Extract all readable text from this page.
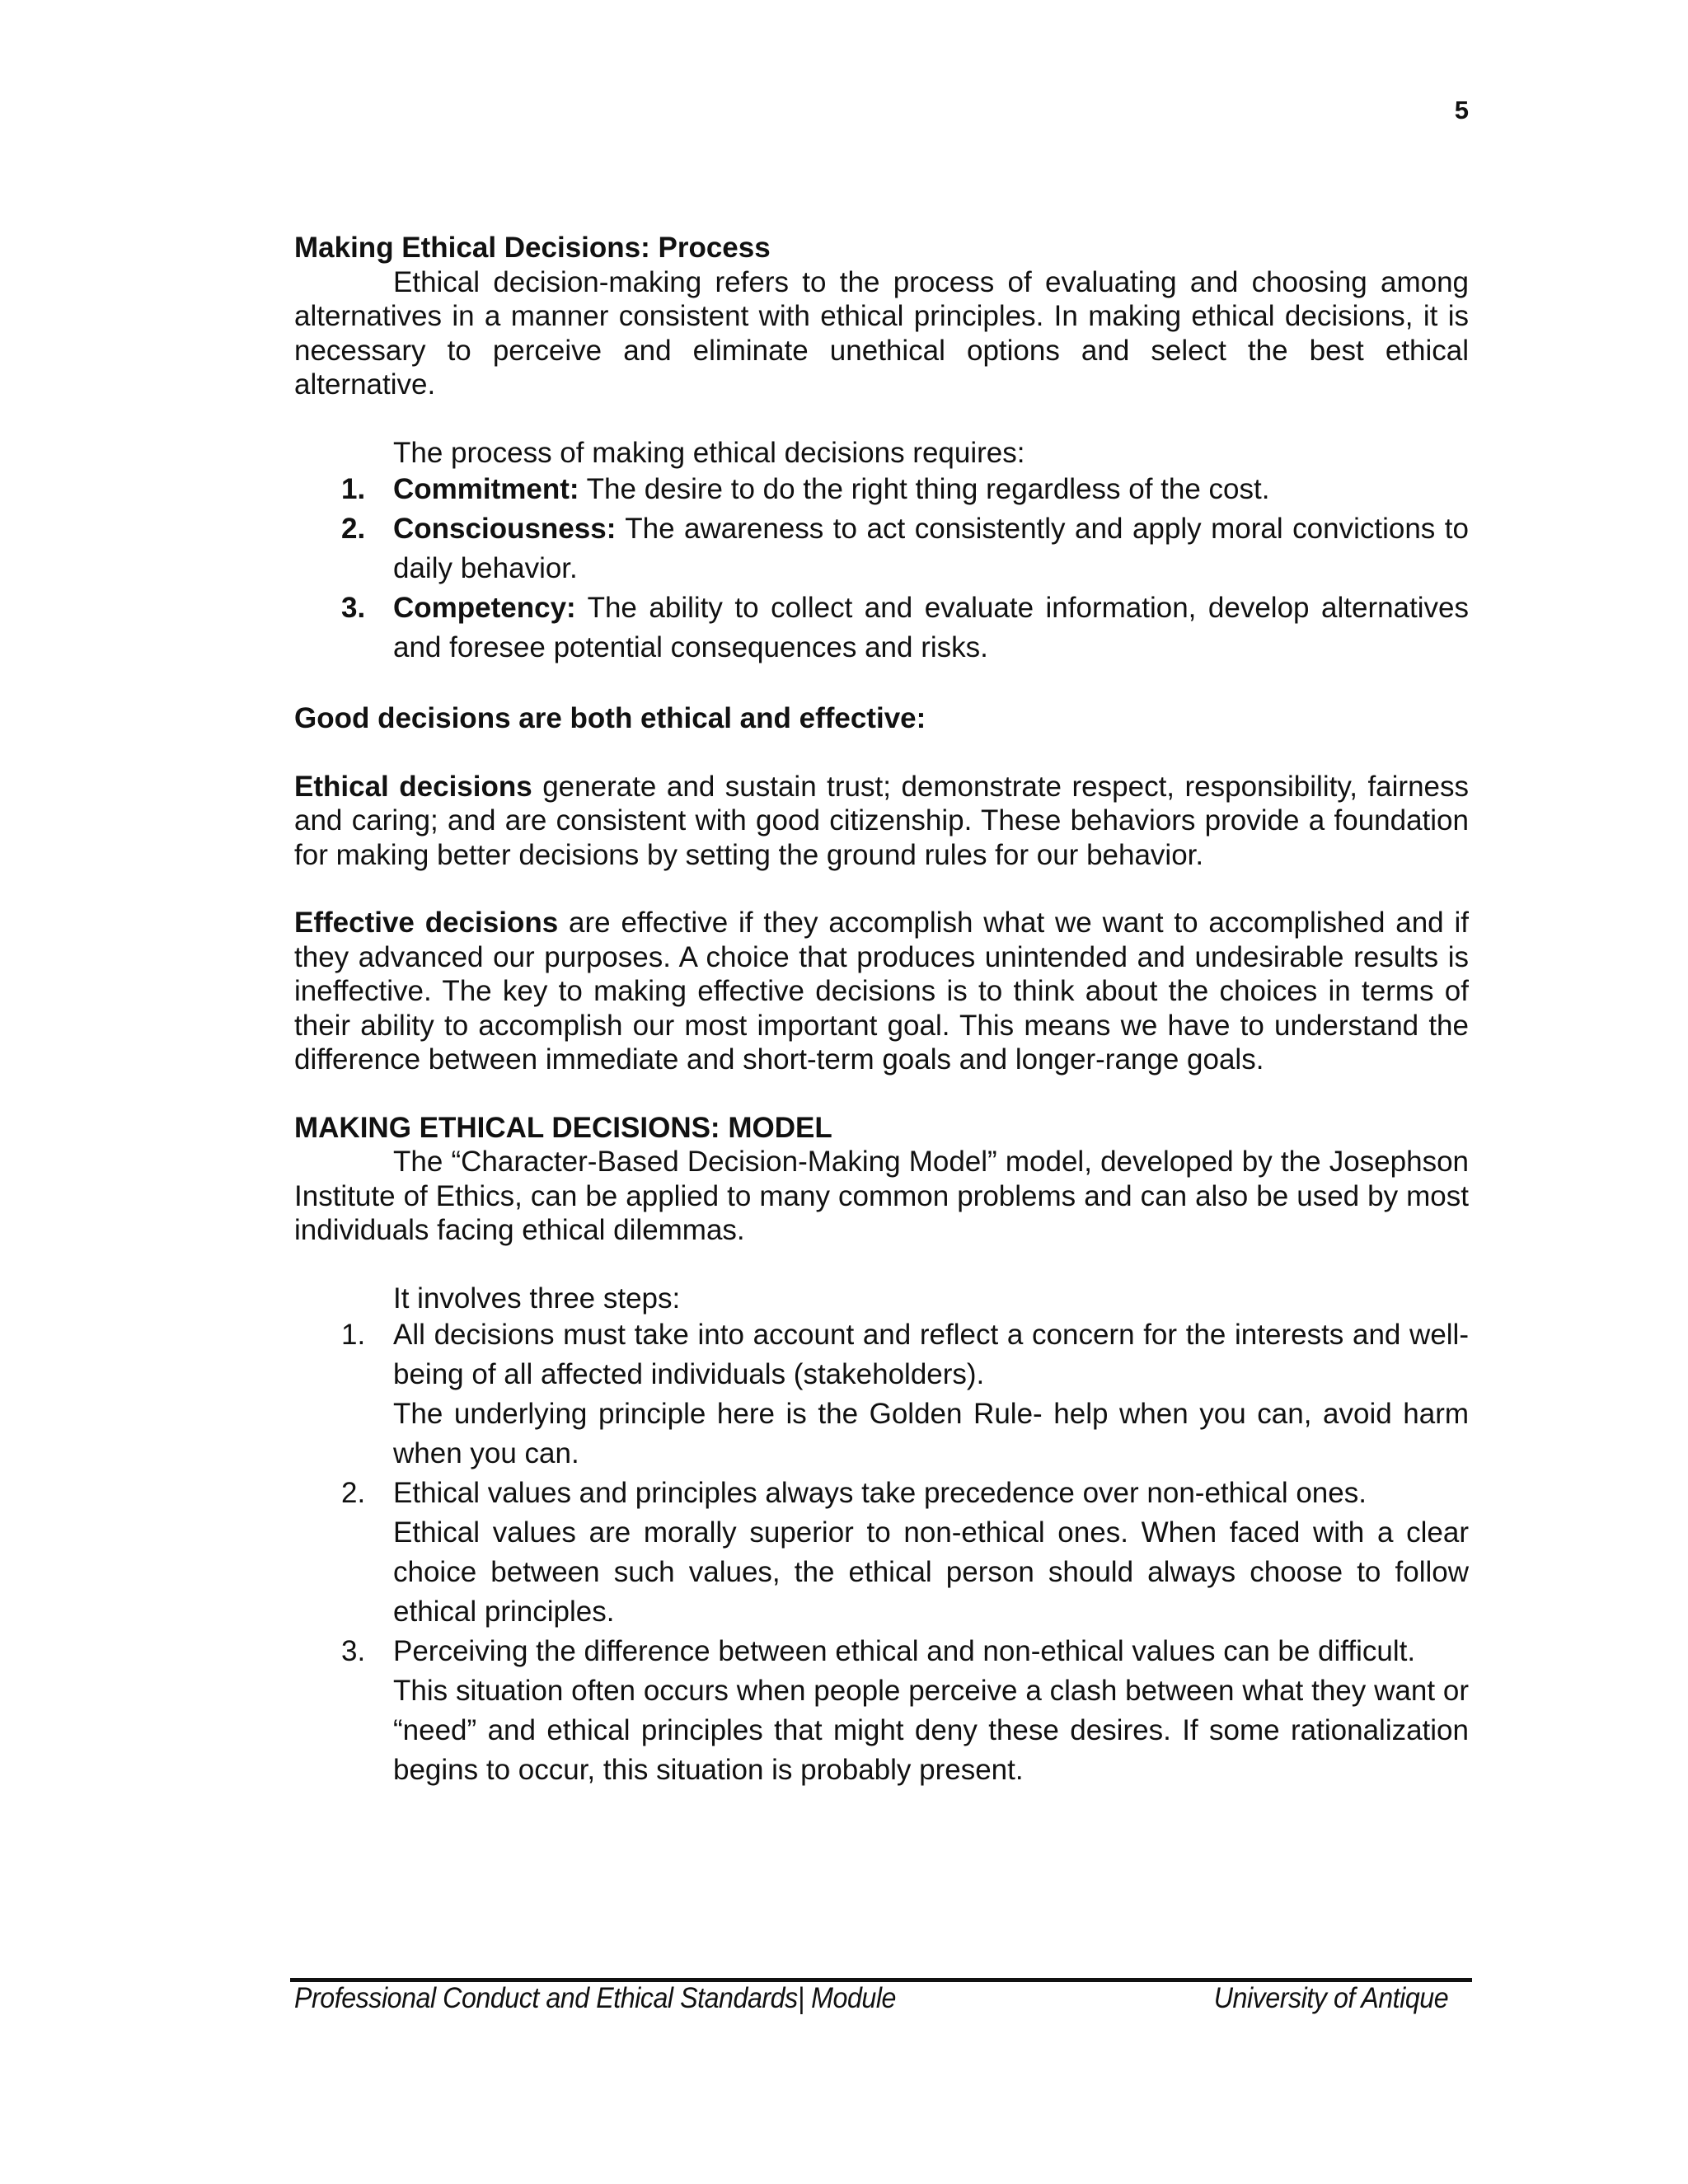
5

Making Ethical Decisions: Process

Ethical decision-making refers to the process of evaluating and choosing among alternatives in a manner consistent with ethical principles. In making ethical decisions, it is necessary to perceive and eliminate unethical options and select the best ethical alternative.

The process of making ethical decisions requires:

1. Commitment: The desire to do the right thing regardless of the cost.
2. Consciousness: The awareness to act consistently and apply moral convictions to daily behavior.
3. Competency: The ability to collect and evaluate information, develop alternatives and foresee potential consequences and risks.

Good decisions are both ethical and effective:

Ethical decisions generate and sustain trust; demonstrate respect, responsibility, fairness and caring; and are consistent with good citizenship. These behaviors provide a foundation for making better decisions by setting the ground rules for our behavior.

Effective decisions are effective if they accomplish what we want to accomplished and if they advanced our purposes. A choice that produces unintended and undesirable results is ineffective. The key to making effective decisions is to think about the choices in terms of their ability to accomplish our most important goal. This means we have to understand the difference between immediate and short-term goals and longer-range goals.

MAKING ETHICAL DECISIONS: MODEL

The “Character-Based Decision-Making Model” model, developed by the Josephson Institute of Ethics, can be applied to many common problems and can also be used by most individuals facing ethical dilemmas.

It involves three steps:

1. All decisions must take into account and reflect a concern for the interests and well-being of all affected individuals (stakeholders).
The underlying principle here is the Golden Rule- help when you can, avoid harm when you can.
2. Ethical values and principles always take precedence over non-ethical ones.
Ethical values are morally superior to non-ethical ones. When faced with a clear choice between such values, the ethical person should always choose to follow ethical principles.
3. Perceiving the difference between ethical and non-ethical values can be difficult.
This situation often occurs when people perceive a clash between what they want or “need” and ethical principles that might deny these desires. If some rationalization begins to occur, this situation is probably present.
Professional Conduct and Ethical Standards| Module	University of Antique
